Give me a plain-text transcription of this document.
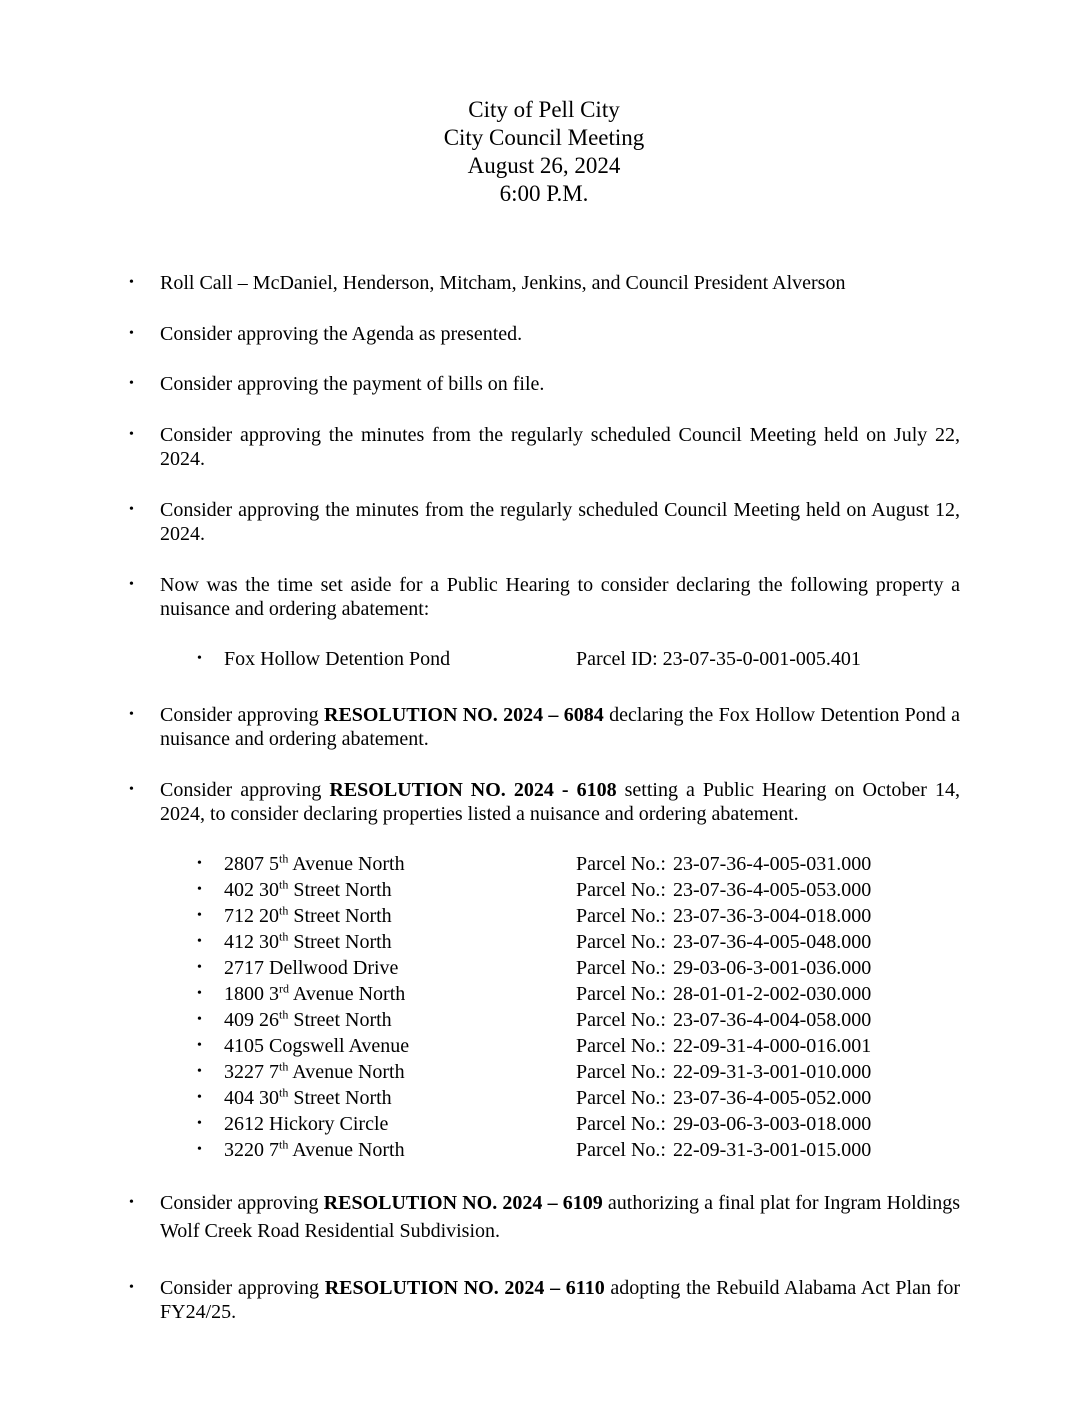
City of Pell City
City Council Meeting
August 26, 2024
6:00 P.M.
• Roll Call – McDaniel, Henderson, Mitcham, Jenkins, and Council President Alverson
• Consider approving the Agenda as presented.
• Consider approving the payment of bills on file.
• Consider approving the minutes from the regularly scheduled Council Meeting held on July 22, 2024.
• Consider approving the minutes from the regularly scheduled Council Meeting held on August 12, 2024.
• Now was the time set aside for a Public Hearing to consider declaring the following property a nuisance and ordering abatement:
• Fox Hollow Detention Pond	Parcel ID: 23-07-35-0-001-005.401
• Consider approving RESOLUTION NO. 2024 – 6084 declaring the Fox Hollow Detention Pond a nuisance and ordering abatement.
• Consider approving RESOLUTION NO. 2024 - 6108 setting a Public Hearing on October 14, 2024, to consider declaring properties listed a nuisance and ordering abatement.
• 2807 5th Avenue North	Parcel No.: 23-07-36-4-005-031.000
• 402 30th Street North	Parcel No.: 23-07-36-4-005-053.000
• 712 20th Street North	Parcel No.: 23-07-36-3-004-018.000
• 412 30th Street North	Parcel No.: 23-07-36-4-005-048.000
• 2717 Dellwood Drive	Parcel No.: 29-03-06-3-001-036.000
• 1800 3rd Avenue North	Parcel No.: 28-01-01-2-002-030.000
• 409 26th Street North	Parcel No.: 23-07-36-4-004-058.000
• 4105 Cogswell Avenue	Parcel No.: 22-09-31-4-000-016.001
• 3227 7th Avenue North	Parcel No.: 22-09-31-3-001-010.000
• 404 30th Street North	Parcel No.: 23-07-36-4-005-052.000
• 2612 Hickory Circle	Parcel No.: 29-03-06-3-003-018.000
• 3220 7th Avenue North	Parcel No.: 22-09-31-3-001-015.000
• Consider approving RESOLUTION NO. 2024 – 6109 authorizing a final plat for Ingram Holdings Wolf Creek Road Residential Subdivision.
• Consider approving RESOLUTION NO. 2024 – 6110 adopting the Rebuild Alabama Act Plan for FY24/25.
